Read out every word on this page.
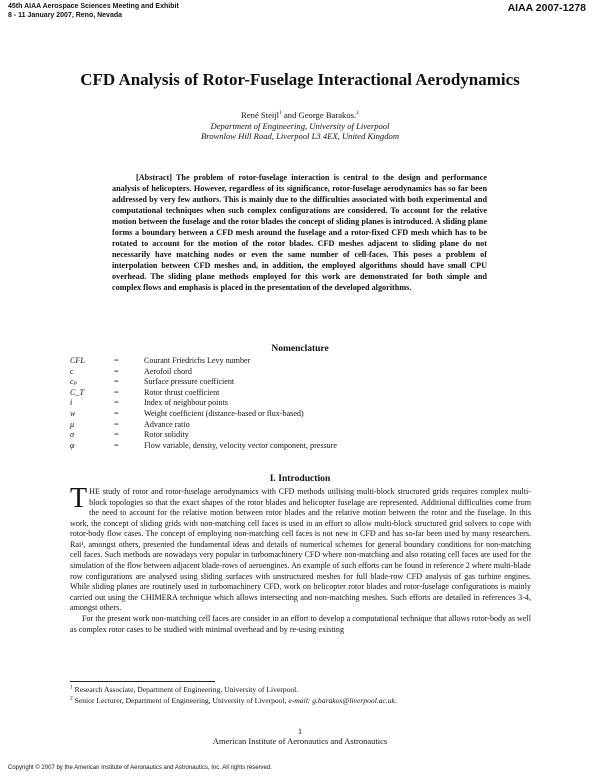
45th AIAA Aerospace Sciences Meeting and Exhibit
8 - 11 January 2007, Reno, Nevada
AIAA 2007-1278
CFD Analysis of Rotor-Fuselage Interactional Aerodynamics
René Steijl$^1$ and George Barakos.$^2$
Department of Engineering, University of Liverpool
Brownlow Hill Road, Liverpool L3 4EX, United Kingdom

[Abstract] The problem of rotor-fuselage interaction is central to the design and performance analysis of helicopters. However, regardless of its significance, rotor-fuselage aerodynamics has so far been addressed by very few authors. This is mainly due to the difficulties associated with both experimental and computational techniques when such complex configurations are considered. To account for the relative motion between the fuselage and the rotor blades the concept of sliding planes is introduced. A sliding plane forms a boundary between a CFD mesh around the fuselage and a rotor-fixed CFD mesh which has to be rotated to account for the motion of the rotor blades. CFD meshes adjacent to sliding plane do not necessarily have matching nodes or even the same number of cell-faces. This poses a problem of interpolation between CFD meshes and, in addition, the employed algorithms should have small CPU overhead. The sliding plane methods employed for this work are demonstrated for both simple and complex flows and emphasis is placed in the presentation of the developed algorithms.

Nomenclature
CFL	=	Courant Friedrichs Levy number
c	=	Aerofoil chord
cₚ	=	Surface pressure coefficient
C_T	=	Rotor thrust coefficient
i	=	Index of neighbour points
w	=	Weight coefficient (distance-based or flux-based)
μ	=	Advance ratio
σ	=	Rotor solidity
φ	=	Flow variable, density, velocity vector component, pressure
I. Introduction

THE study of rotor and rotor-fuselage aerodynamics with CFD methods utilising multi-block structured grids requires complex multi-block topologies so that the exact shapes of the rotor blades and helicopter fuselage are represented. Additional difficulties come from the need to account for the relative motion between rotor blades and the relative motion between the rotor and the fuselage. In this work, the concept of sliding grids with non-matching cell faces is used in an effort to allow multi-block structured grid solvers to cope with rotor-body flow cases. The concept of employing non-matching cell faces is not new in CFD and has so-far been used by many researchers. Rai¹, amongst others, presented the fundamental ideas and details of numerical schemes for general boundary conditions for non-matching cell faces. Such methods are nowadays very popular in turbomachinery CFD where non-matching and also rotating cell faces are used for the simulation of the flow between adjacent blade-rows of aeroengines. An example of such efforts can be found in reference 2 where multi-blade row configurations are analysed using sliding surfaces with unstructured meshes for full blade-row CFD analysis of gas turbine engines. While sliding planes are routinely used in turbomachinery CFD, work on helicopter rotor blades and rotor-fuselage configurations is mainly carried out using the CHIMERA technique which allows intersecting and non-matching meshes. Such efforts are detailed in references 3-4, amongst others.

For the present work non-matching cell faces are consider in an effort to develop a computational technique that allows rotor-body as well as complex rotor cases to be studied with minimal overhead and by re-using existing

$^1$ Research Associate, Department of Engineering, University of Liverpool.
$^2$ Senior Lecturer, Department of Engineering, University of Liverpool, e-mail: g.barakos@liverpool.ac.uk.
1
American Institute of Aeronautics and Astronautics
Copyright © 2007 by the American Institute of Aeronautics and Astronautics, Inc. All rights reserved.
